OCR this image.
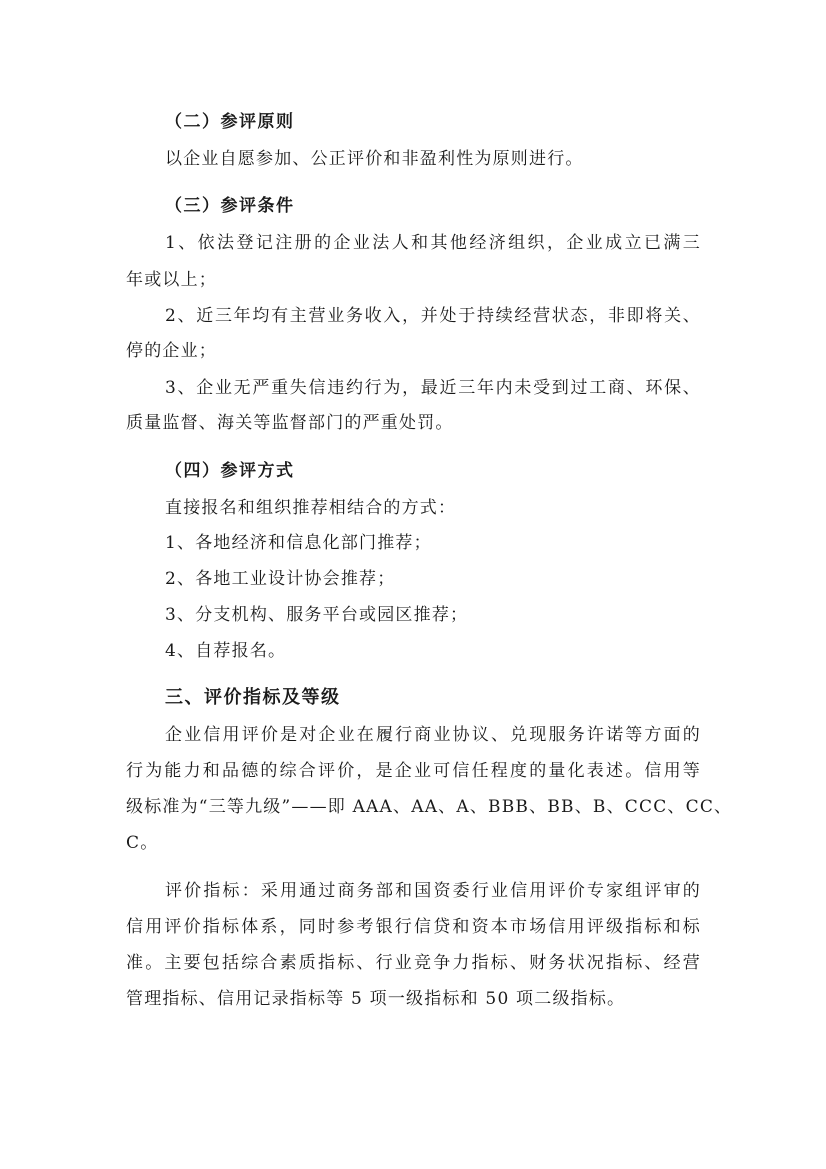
（二）参评原则
以企业自愿参加、公正评价和非盈利性为原则进行。
（三）参评条件
1、依法登记注册的企业法人和其他经济组织，企业成立已满三
年或以上；
2、近三年均有主营业务收入，并处于持续经营状态，非即将关、
停的企业；
3、企业无严重失信违约行为，最近三年内未受到过工商、环保、
质量监督、海关等监督部门的严重处罚。
（四）参评方式
直接报名和组织推荐相结合的方式：
1、各地经济和信息化部门推荐；
2、各地工业设计协会推荐；
3、分支机构、服务平台或园区推荐；
4、自荐报名。
三、评价指标及等级
企业信用评价是对企业在履行商业协议、兑现服务许诺等方面的
行为能力和品德的综合评价，是企业可信任程度的量化表述。信用等
级标准为“三等九级”——即 AAA、AA、A、BBB、BB、B、CCC、CC、
C。
评价指标：采用通过商务部和国资委行业信用评价专家组评审的
信用评价指标体系，同时参考银行信贷和资本市场信用评级指标和标
准。主要包括综合素质指标、行业竞争力指标、财务状况指标、经营
管理指标、信用记录指标等 5 项一级指标和 50 项二级指标。
